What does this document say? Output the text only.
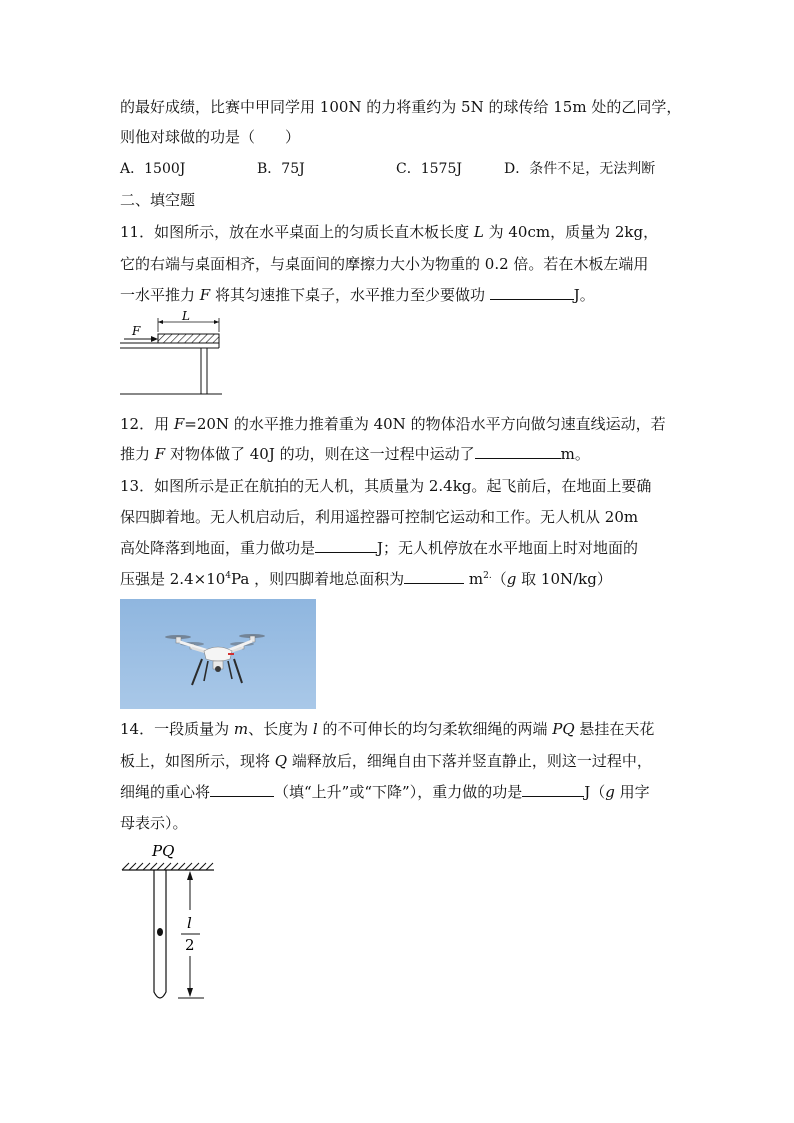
的最好成绩，比赛中甲同学用 100N 的力将重约为 5N 的球传给 15m 处的乙同学，
则他对球做的功是（　　）
A．1500J	B．75J	C．1575J	D．条件不足，无法判断
二、填空题
11．如图所示，放在水平桌面上的匀质长直木板长度 L 为 40cm，质量为 2kg，
它的右端与桌面相齐，与桌面间的摩擦力大小为物重的 0.2 倍。若在木板左端用
一水平推力 F 将其匀速推下桌子，水平推力至少要做功	J。
F
L
12．用 F=20N 的水平推力推着重为 40N 的物体沿水平方向做匀速直线运动，若
推力 F 对物体做了 40J 的功，则在这一过程中运动了	m。
13．如图所示是正在航拍的无人机，其质量为 2.4kg。起飞前后，在地面上要确
保四脚着地。无人机启动后，利用遥控器可控制它运动和工作。无人机从 20m
高处降落到地面，重力做功是	J；无人机停放在水平地面上时对地面的
压强是 $2.4\times 10^4Pa$ ，则四脚着地总面积为	$m^{2.}(g$ 取 10N/kg）
14．一段质量为 m、长度为 l 的不可伸长的均匀柔软细绳的两端 PQ 悬挂在天花
板上，如图所示，现将 Q 端释放后，细绳自由下落并竖直静止，则这一过程中，
细绳的重心将	（填“上升”或“下降”），重力做的功是	J（g 用字
母表示）。
PQ
l
2
